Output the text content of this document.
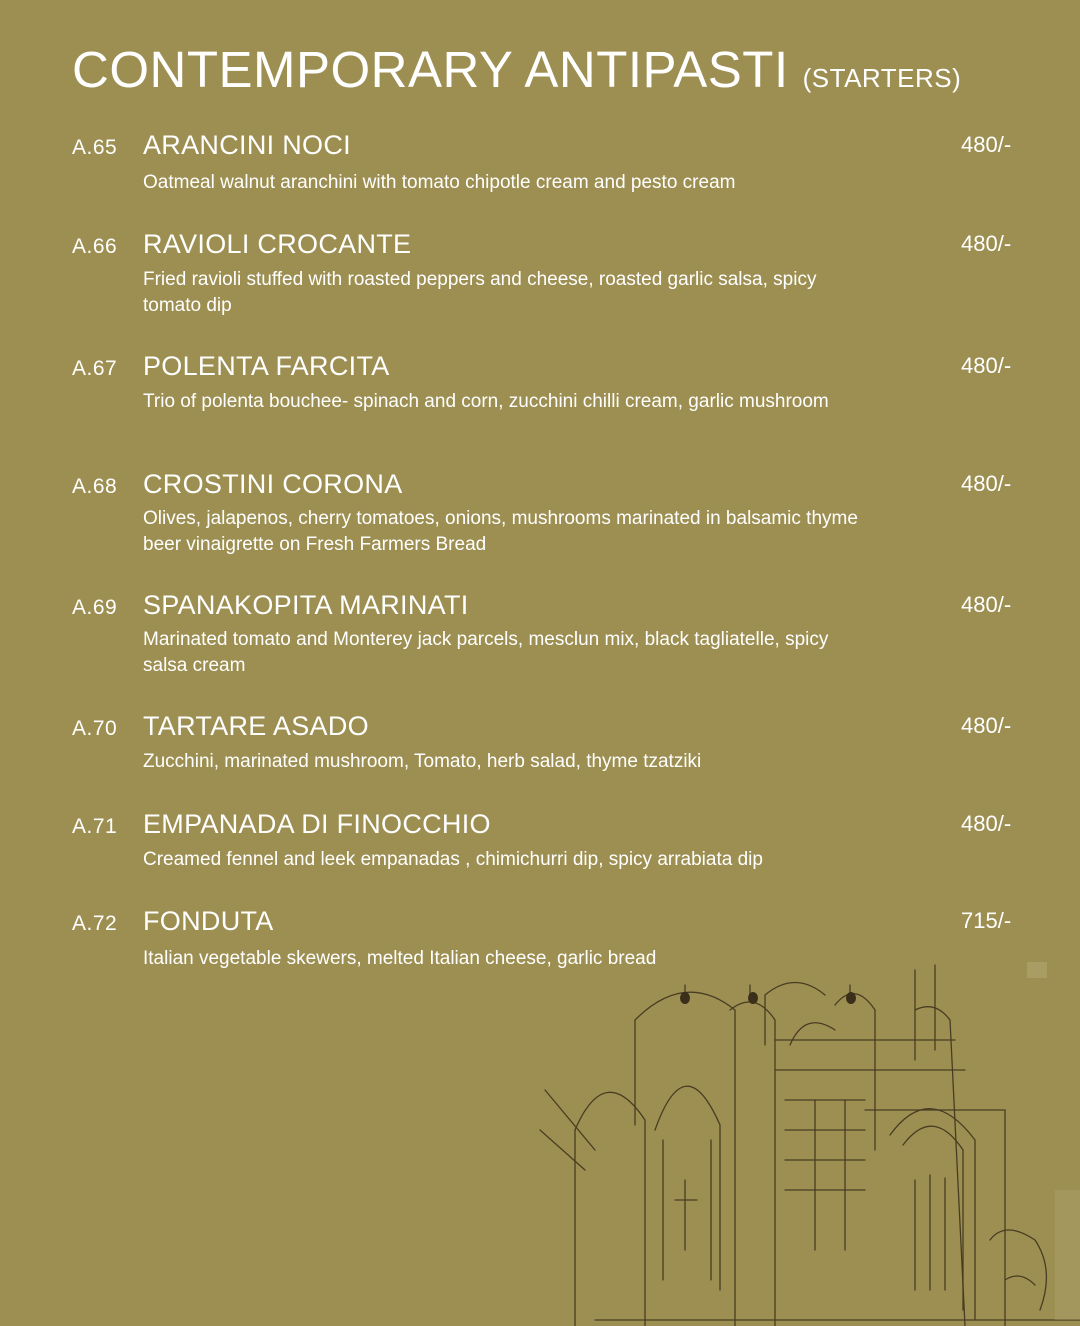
CONTEMPORARY ANTIPASTI (STARTERS)
A.65 ARANCINI NOCI	480/-
Oatmeal walnut aranchini with tomato chipotle cream and pesto cream
A.66 RAVIOLI CROCANTE	480/-
Fried ravioli stuffed with roasted peppers and cheese, roasted garlic salsa, spicy tomato dip
A.67 POLENTA FARCITA	480/-
Trio of polenta bouchee- spinach and corn, zucchini chilli cream, garlic mushroom
A.68 CROSTINI CORONA	480/-
Olives, jalapenos, cherry tomatoes, onions, mushrooms marinated in balsamic thyme beer vinaigrette on Fresh Farmers Bread
A.69 SPANAKOPITA MARINATI	480/-
Marinated tomato and Monterey jack parcels, mesclun mix, black tagliatelle, spicy salsa cream
A.70 TARTARE ASADO	480/-
Zucchini, marinated mushroom, Tomato, herb salad, thyme tzatziki
A.71 EMPANADA DI FINOCCHIO	480/-
Creamed fennel and leek empanadas , chimichurri dip, spicy arrabiata dip
A.72 FONDUTA	715/-
Italian vegetable skewers, melted Italian cheese, garlic bread
